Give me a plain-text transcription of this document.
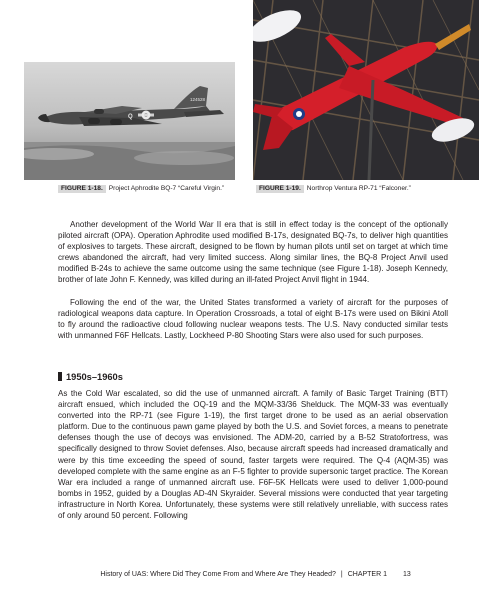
124528
Q
FIGURE 1-18. Project Aphrodite BQ-7 “Careful Virgin.”	FIGURE 1-19. Northrop Ventura RP-71 “Falconer.”

Another development of the World War II era that is still in effect today is the concept of the optionally piloted aircraft (OPA). Operation Aphrodite used modified B-17s, designated BQ-7s, to deliver high quantities of explosives to targets. These aircraft, designed to be flown by human pilots until set on target at which time crews abandoned the aircraft, had very limited success. Along similar lines, the BQ-8 Project Anvil used modified B-24s to achieve the same outcome using the same technique (see Figure 1-18). Joseph Kennedy, brother of late John F. Kennedy, was killed during an ill-fated Project Anvil flight in 1944.

Following the end of the war, the United States transformed a variety of aircraft for the purposes of radiological weapons data capture. In Operation Crossroads, a total of eight B-17s were used on Bikini Atoll to fly around the radioactive cloud following nuclear weapons tests. The U.S. Navy conducted similar tests with unmanned F6F Hellcats. Lastly, Lockheed P-80 Shooting Stars were also used for such purposes.

1950s–1960s

As the Cold War escalated, so did the use of unmanned aircraft. A family of Basic Target Training (BTT) aircraft ensued, which included the OQ-19 and the MQM-33/36 Shelduck. The MQM-33 was eventually converted into the RP-71 (see Figure 1-19), the first target drone to be used as an aerial observation platform. Due to the continuous pawn game played by both the U.S. and Soviet forces, a means to penetrate defenses though the use of decoys was envisioned. The ADM-20, carried by a B-52 Stratofortress, was specifically designed to throw Soviet defenses. Also, because aircraft speeds had increased dramatically and were by this time exceeding the speed of sound, faster targets were required. The Q-4 (AQM-35) was developed complete with the same engine as an F-5 fighter to provide supersonic target practice. The Korean War era included a range of unmanned aircraft use. F6F-5K Hellcats were used to deliver 1,000-pound bombs in 1952, guided by a Douglas AD-4N Skyraider. Several missions were conducted that year targeting infrastructure in North Korea. Unfortunately, these systems were still relatively unreliable, with success rates of only around 50 percent. Following

History of UAS: Where Did They Come From and Where Are They Headed? | CHAPTER 1 13
